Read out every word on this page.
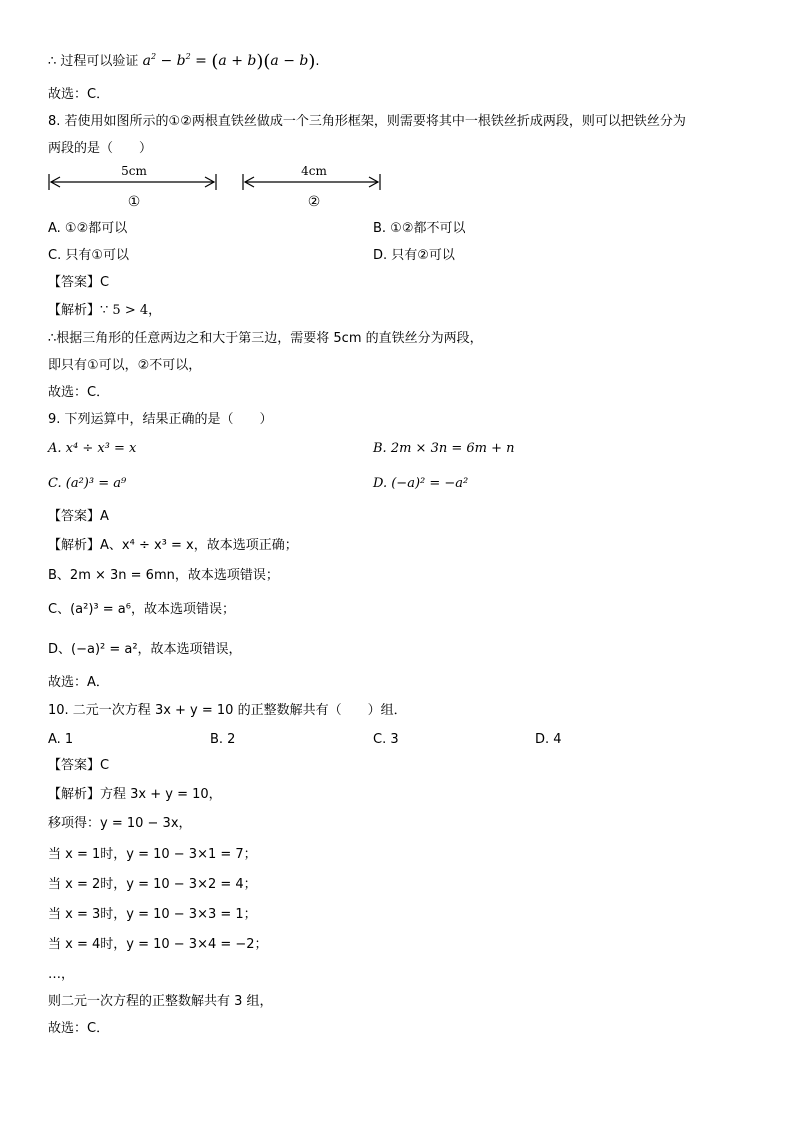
∴ 过程可以验证 $a^2 - b^2 = (a + b)(a - b)$.
故选：C．
8. 若使用如图所示的①②两根直铁丝做成一个三角形框架，则需要将其中一根铁丝折成两段，则可以把铁丝分为
两段的是（　　）
5cm
①
4cm
②
A. ①②都可以	B. ①②都不可以
C. 只有①可以	D. 只有②可以
【答案】C
【解析】∵ 5 > 4，
∴根据三角形的任意两边之和大于第三边，需要将 5cm 的直铁丝分为两段，
即只有①可以，②不可以，
故选：C．
9. 下列运算中，结果正确的是（　　）
A. x⁴ ÷ x³ = x	B. 2m × 3n = 6m + n
C. (a²)³ = a⁹	D. (−a)² = −a²
【答案】A
【解析】A、x⁴ ÷ x³ = x，故本选项正确；
B、2m × 3n = 6mn，故本选项错误；
C、(a²)³ = a⁶，故本选项错误；
D、(−a)² = a²，故本选项错误，
故选：A．
10. 二元一次方程 3x + y = 10 的正整数解共有（　　）组．
A. 1	B. 2	C. 3	D. 4
【答案】C
【解析】方程 3x + y = 10，
移项得：y = 10 − 3x，
当 x = 1时，y = 10 − 3×1 = 7；
当 x = 2时，y = 10 − 3×2 = 4；
当 x = 3时，y = 10 − 3×3 = 1；
当 x = 4时，y = 10 − 3×4 = −2；
…，
则二元一次方程的正整数解共有 3 组，
故选：C．
